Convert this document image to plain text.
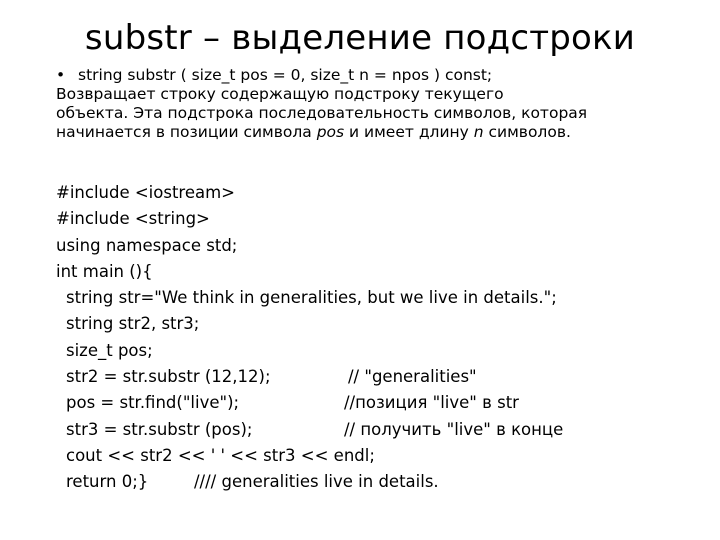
substr – выделение подстроки
• string substr ( size_t pos = 0, size_t n = npos ) const;
Возвращает строку содержащую подстроку текущего
объекта. Эта подстрока последовательность символов, которая
начинается в позиции символа pos и имеет длину n символов.
#include <iostream>
#include <string>
using namespace std;
int main (){
string str="We think in generalities, but we live in details.";
string str2, str3;
size_t pos;
str2 = str.substr (12,12);	// "generalities"
pos = str.find("live");	//позиция "live" в str
str3 = str.substr (pos);	// получить "live" в конце
cout << str2 << ' ' << str3 << endl;
return 0;}	//// generalities live in details.
